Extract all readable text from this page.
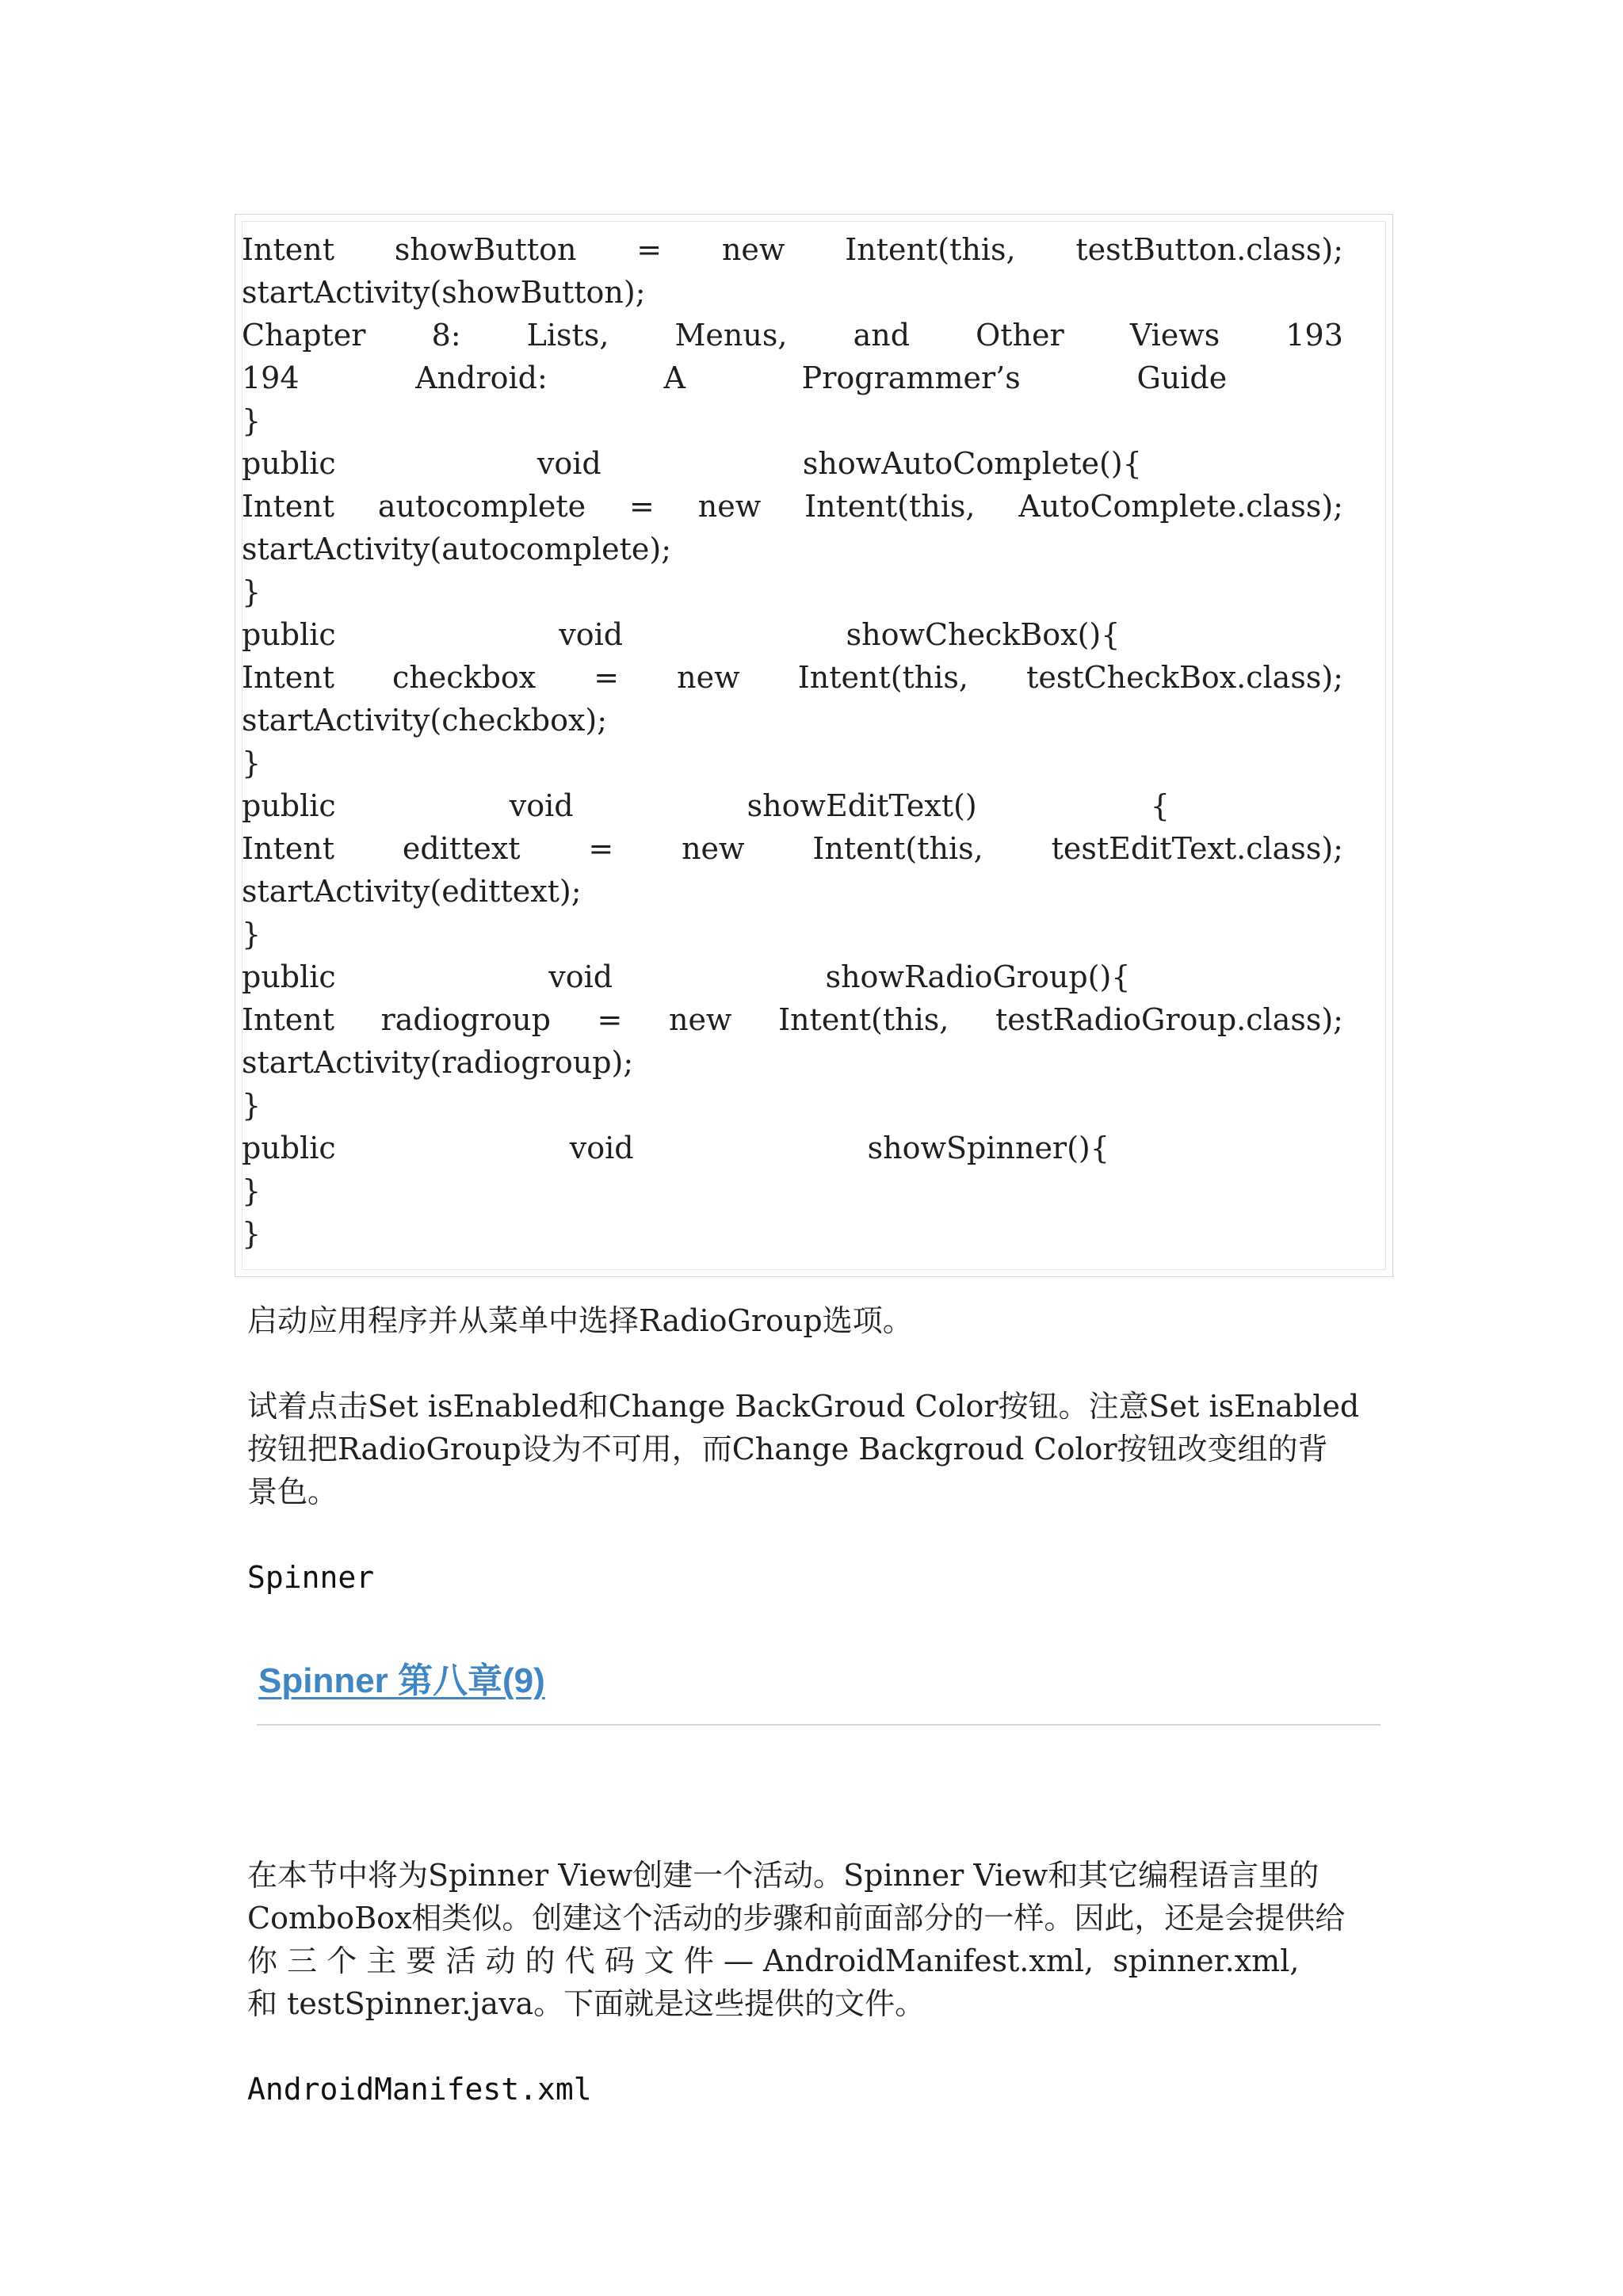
Intent showButton = new Intent(this, testButton.class);
startActivity(showButton);
Chapter 8: Lists, Menus, and Other Views 193
194	Android:	A	Programmer’s	Guide
}
public	void	showAutoComplete(){
Intent autocomplete = new Intent(this, AutoComplete.class);
startActivity(autocomplete);
}
public	void	showCheckBox(){
Intent checkbox = new Intent(this, testCheckBox.class);
startActivity(checkbox);
}
public	void	showEditText()	{
Intent edittext = new Intent(this, testEditText.class);
startActivity(edittext);
}
public	void	showRadioGroup(){
Intent radiogroup = new Intent(this, testRadioGroup.class);
startActivity(radiogroup);
}
public	void	showSpinner(){
}
}
启动应用程序并从菜单中选择RadioGroup选项。
试着点击Set isEnabled和Change BackGroud Color按钮。注意Set isEnabled
按钮把RadioGroup设为不可用，而Change Backgroud Color按钮改变组的背
景色。
Spinner
Spinner 第八章(9)
在本节中将为Spinner View创建一个活动。Spinner View和其它编程语言里的
ComboBox相类似。创建这个活动的步骤和前面部分的一样。因此，还是会提供给
你 三 个 主 要 活 动 的 代 码 文 件 — AndroidManifest.xml,  spinner.xml,
和 testSpinner.java。下面就是这些提供的文件。
AndroidManifest.xml
